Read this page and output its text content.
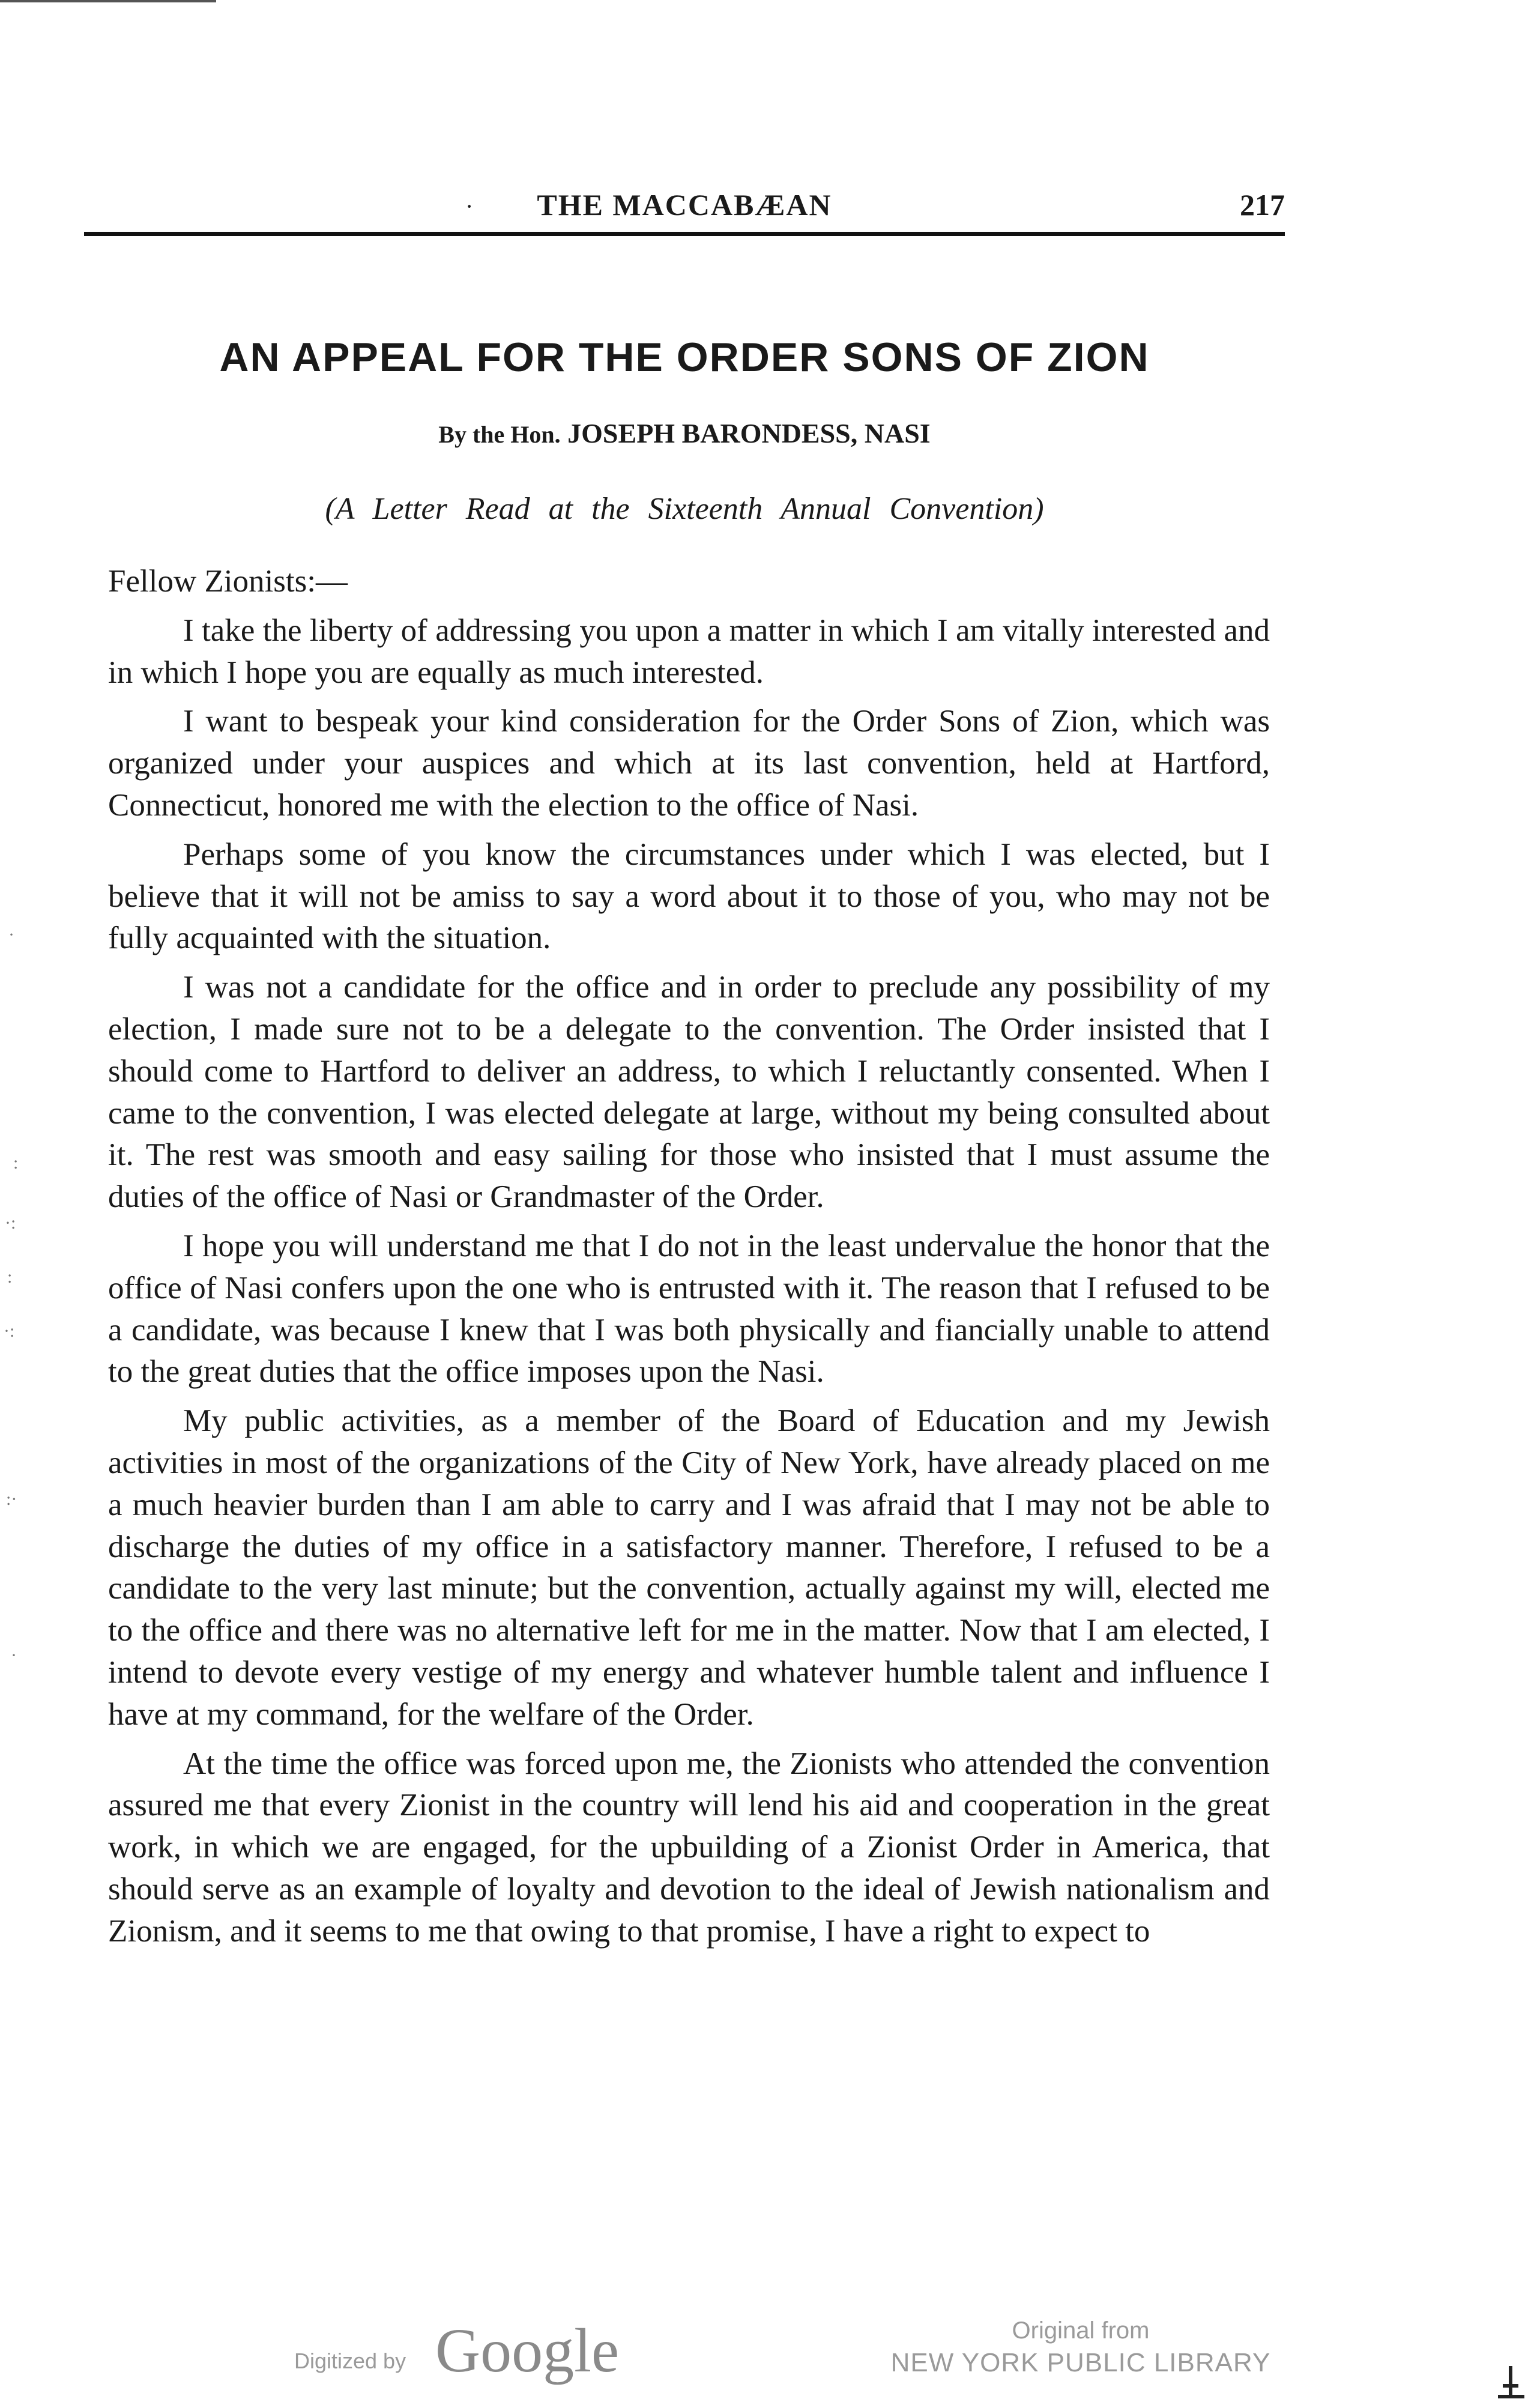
·	THE MACCABÆAN	217
AN APPEAL FOR THE ORDER SONS OF ZION
By the Hon. JOSEPH BARONDESS, NASI
(A Letter Read at the Sixteenth Annual Convention)

Fellow Zionists:—

I take the liberty of addressing you upon a matter in which I am vitally interested and in which I hope you are equally as much interested.

I want to bespeak your kind consideration for the Order Sons of Zion, which was organized under your auspices and which at its last convention, held at Hartford, Connecticut, honored me with the election to the office of Nasi.

Perhaps some of you know the circumstances under which I was elected, but I believe that it will not be amiss to say a word about it to those of you, who may not be fully acquainted with the situation.

I was not a candidate for the office and in order to preclude any possibility of my election, I made sure not to be a delegate to the convention. The Order insisted that I should come to Hartford to deliver an address, to which I reluctantly consented. When I came to the convention, I was elected delegate at large, without my being consulted about it. The rest was smooth and easy sailing for those who insisted that I must assume the duties of the office of Nasi or Grandmaster of the Order.

I hope you will understand me that I do not in the least undervalue the honor that the office of Nasi confers upon the one who is entrusted with it. The reason that I refused to be a candidate, was because I knew that I was both physically and fiancially unable to attend to the great duties that the office imposes upon the Nasi.

My public activities, as a member of the Board of Education and my Jewish activities in most of the organizations of the City of New York, have already placed on me a much heavier burden than I am able to carry and I was afraid that I may not be able to discharge the duties of my office in a satisfactory manner. Therefore, I refused to be a candidate to the very last minute; but the convention, actually against my will, elected me to the office and there was no alternative left for me in the matter. Now that I am elected, I intend to devote every vestige of my energy and whatever humble talent and influence I have at my command, for the welfare of the Order.

At the time the office was forced upon me, the Zionists who attended the convention assured me that every Zionist in the country will lend his aid and cooperation in the great work, in which we are engaged, for the upbuilding of a Zionist Order in America, that should serve as an example of loyalty and devotion to the ideal of Jewish nationalism and Zionism, and it seems to me that owing to that promise, I have a right to expect to

·
:
·:
:
·:
:·
·
Digitized by Google	Original from
NEW YORK PUBLIC LIBRARY
